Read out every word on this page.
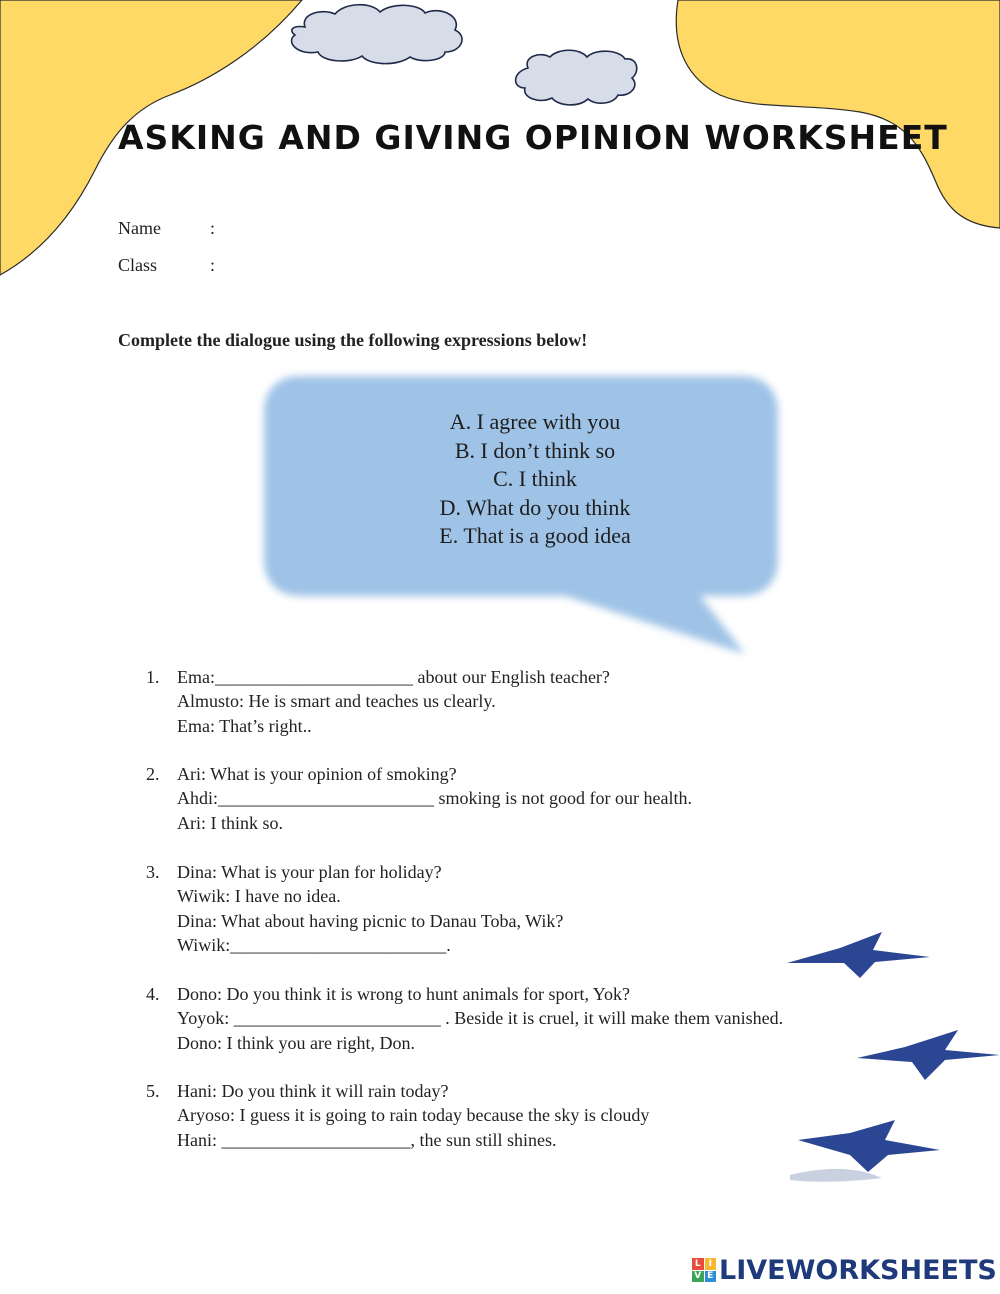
ASKING AND GIVING OPINION WORKSHEET
Name	:
Class	:
Complete the dialogue using the following expressions below!
A. I agree with you
B. I don’t think so
C. I think
D. What do you think
E. That is a good idea
1. Ema:______________________ about our English teacher?
Almusto: He is smart and teaches us clearly.
Ema: That’s right..
2. Ari: What is your opinion of smoking?
Ahdi:________________________ smoking is not good for our health.
Ari: I think so.
3. Dina: What is your plan for holiday?
Wiwik: I have no idea.
Dina: What about having picnic to Danau Toba, Wik?
Wiwik:________________________.
4. Dono: Do you think it is wrong to hunt animals for sport, Yok?
Yoyok: _______________________ . Beside it is cruel, it will make them vanished.
Dono: I think you are right, Don.
5. Hani: Do you think it will rain today?
Aryoso: I guess it is going to rain today because the sky is cloudy
Hani: _____________________, the sun still shines.
L I
V E LIVEWORKSHEETS
